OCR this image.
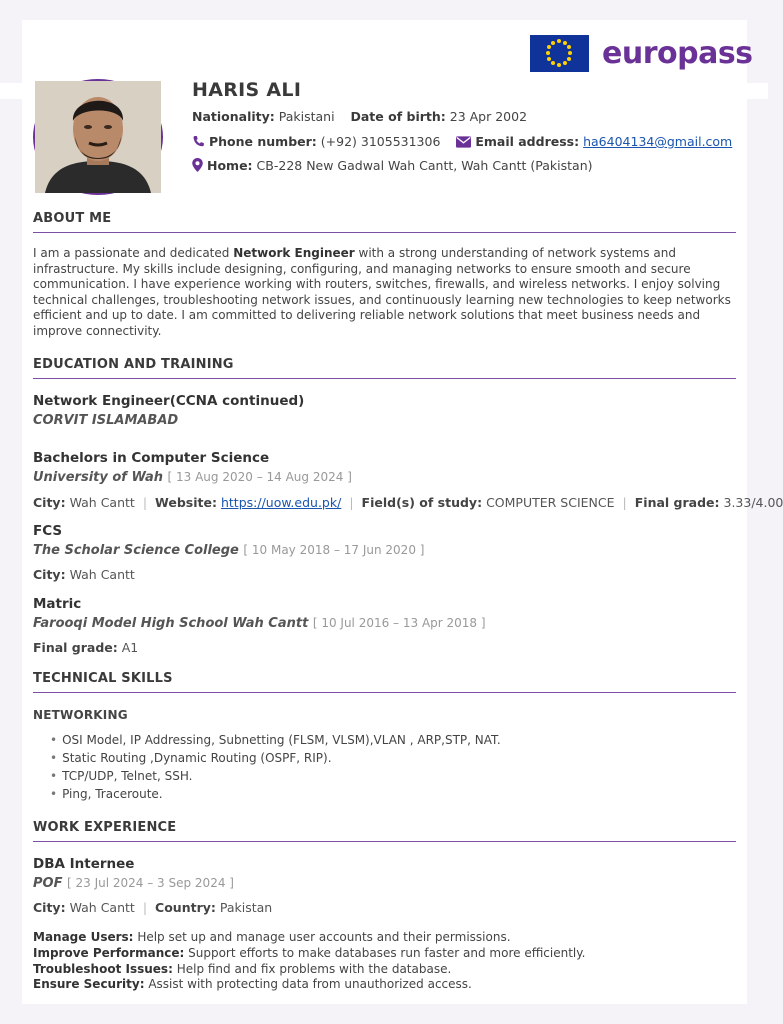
europass
HARIS ALI
Nationality: Pakistani Date of birth: 23 Apr 2002
Phone number: (+92) 3105531306	Email address: ha6404134@gmail.com
Home: CB-228 New Gadwal Wah Cantt, Wah Cantt (Pakistan)
ABOUT ME
I am a passionate and dedicated Network Engineer with a strong understanding of network systems and infrastructure. My skills include designing, configuring, and managing networks to ensure smooth and secure communication. I have experience working with routers, switches, firewalls, and wireless networks. I enjoy solving technical challenges, troubleshooting network issues, and continuously learning new technologies to keep networks efficient and up to date. I am committed to delivering reliable network solutions that meet business needs and improve connectivity.
EDUCATION AND TRAINING
Network Engineer(CCNA continued)
CORVIT ISLAMABAD
Bachelors in Computer Science
University of Wah [ 13 Aug 2020 – 14 Aug 2024 ]
City: Wah Cantt | Website: https://uow.edu.pk/ | Field(s) of study: COMPUTER SCIENCE | Final grade: 3.33/4.00
FCS
The Scholar Science College [ 10 May 2018 – 17 Jun 2020 ]
City: Wah Cantt
Matric
Farooqi Model High School Wah Cantt [ 10 Jul 2016 – 13 Apr 2018 ]
Final grade: A1
TECHNICAL SKILLS
NETWORKING
• OSI Model, IP Addressing, Subnetting (FLSM, VLSM),VLAN , ARP,STP, NAT.
• Static Routing ,Dynamic Routing (OSPF, RIP).
• TCP/UDP, Telnet, SSH.
• Ping, Traceroute.
WORK EXPERIENCE
DBA Internee
POF [ 23 Jul 2024 – 3 Sep 2024 ]
City: Wah Cantt | Country: Pakistan
Manage Users: Help set up and manage user accounts and their permissions.
Improve Performance: Support efforts to make databases run faster and more efficiently.
Troubleshoot Issues: Help find and fix problems with the database.
Ensure Security: Assist with protecting data from unauthorized access.
